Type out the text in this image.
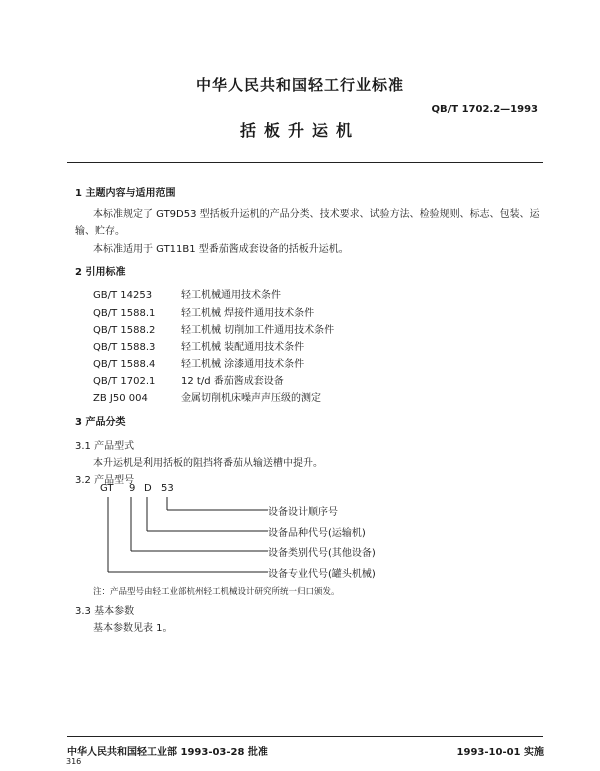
中华人民共和国轻工行业标准
QB/T 1702.2—1993
括板升运机
1 主题内容与适用范围
本标准规定了 GT9D53 型括板升运机的产品分类、技术要求、试验方法、检验规则、标志、包装、运
输、贮存。
本标准适用于 GT11B1 型番茄酱成套设备的括板升运机。
2 引用标准
GB/T 14253	轻工机械通用技术条件
QB/T 1588.1	轻工机械 焊接件通用技术条件
QB/T 1588.2	轻工机械 切削加工件通用技术条件
QB/T 1588.3	轻工机械 装配通用技术条件
QB/T 1588.4	轻工机械 涂漆通用技术条件
QB/T 1702.1	12 t/d 番茄酱成套设备
ZB J50 004	金属切削机床噪声声压级的测定
3 产品分类
3.1 产品型式
本升运机是利用括板的阻挡将番茄从输送槽中提升。
3.2 产品型号
GT 9 D 53
设备设计顺序号
设备品种代号(运输机)
设备类别代号(其他设备)
设备专业代号(罐头机械)
注：产品型号由轻工业部杭州轻工机械设计研究所统一归口颁发。
3.3 基本参数
基本参数见表 1。
中华人民共和国轻工业部 1993-03-28 批准	1993-10-01 实施
316
